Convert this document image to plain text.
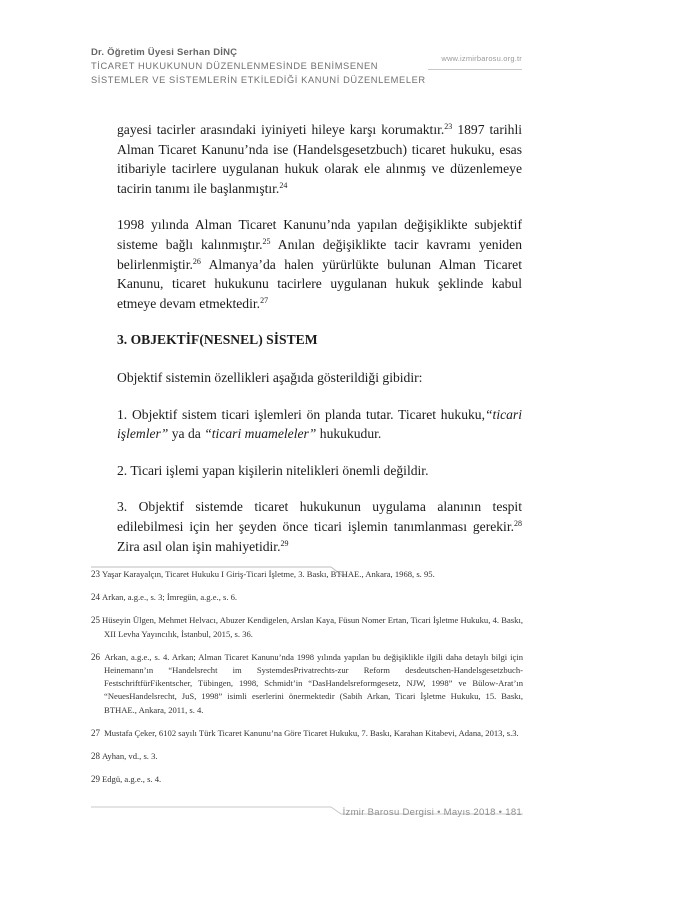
Dr. Öğretim Üyesi Serhan DİNÇ
TİCARET HUKUKUNUN DÜZENLENMESİNDE BENİMSENEN
SİSTEMLER VE SİSTEMLERİN ETKİLEDİĞİ KANUNİ DÜZENLEMELER
www.izmirbarosu.org.tr

gayesi tacirler arasındaki iyiniyeti hileye karşı korumaktır.$^{23}$ 1897 tarihli Alman Ticaret Kanunu’nda ise (Handelsgesetzbuch) ticaret hukuku, esas itibariyle tacirlere uygulanan hukuk olarak ele alınmış ve düzenlemeye tacirin tanımı ile başlanmıştır.$^{24}$

1998 yılında Alman Ticaret Kanunu’nda yapılan değişiklikte subjektif sisteme bağlı kalınmıştır.$^{25}$ Anılan değişiklikte tacir kavramı yeniden belirlenmiştir.$^{26}$ Almanya’da halen yürürlükte bulunan Alman Ticaret Kanunu, ticaret hukukunu tacirlere uygulanan hukuk şeklinde kabul etmeye devam etmektedir.$^{27}$

3. OBJEKTİF(NESNEL) SİSTEM

Objektif sistemin özellikleri aşağıda gösterildiği gibidir:

1. Objektif sistem ticari işlemleri ön planda tutar. Ticaret hukuku,“ticari işlemler” ya da “ticari muameleler” hukukudur.

2. Ticari işlemi yapan kişilerin nitelikleri önemli değildir.

3. Objektif sistemde ticaret hukukunun uygulama alanının tespit edilebilmesi için her şeyden önce ticari işlemin tanımlanması gerekir.$^{28}$ Zira asıl olan işin mahiyetidir.$^{29}$

23 Yaşar Karayalçın, Ticaret Hukuku I Giriş-Ticari İşletme, 3. Baskı, BTHAE., Ankara, 1968, s. 95.
24 Arkan, a.g.e., s. 3; İmregün, a.g.e., s. 6.
25 Hüseyin Ülgen, Mehmet Helvacı, Abuzer Kendigelen, Arslan Kaya, Füsun Nomer Ertan, Ticari İşletme Hukuku, 4. Baskı, XII Levha Yayıncılık, İstanbul, 2015, s. 36.
26 Arkan, a.g.e., s. 4. Arkan; Alman Ticaret Kanunu’nda 1998 yılında yapılan bu değişiklikle ilgili daha detaylı bilgi için Heinemann’ın “Handelsrecht im SystemdesPrivatrechts-zur Reform desdeutschen-Handelsgesetzbuch-FestschriftfürFikentscher, Tübingen, 1998, Schmidt’in “DasHandelsreformgesetz, NJW, 1998” ve Bülow-Arat’ın “NeuesHandelsrecht, JuS, 1998” isimli eserlerini önermektedir (Sabih Arkan, Ticari İşletme Hukuku, 15. Baskı, BTHAE., Ankara, 2011, s. 4.
27 Mustafa Çeker, 6102 sayılı Türk Ticaret Kanunu’na Göre Ticaret Hukuku, 7. Baskı, Karahan Kitabevi, Adana, 2013, s.3.
28 Ayhan, vd., s. 3.
29 Edgü, a.g.e., s. 4.
İzmir Barosu Dergisi • Mayıs 2018 • 181
